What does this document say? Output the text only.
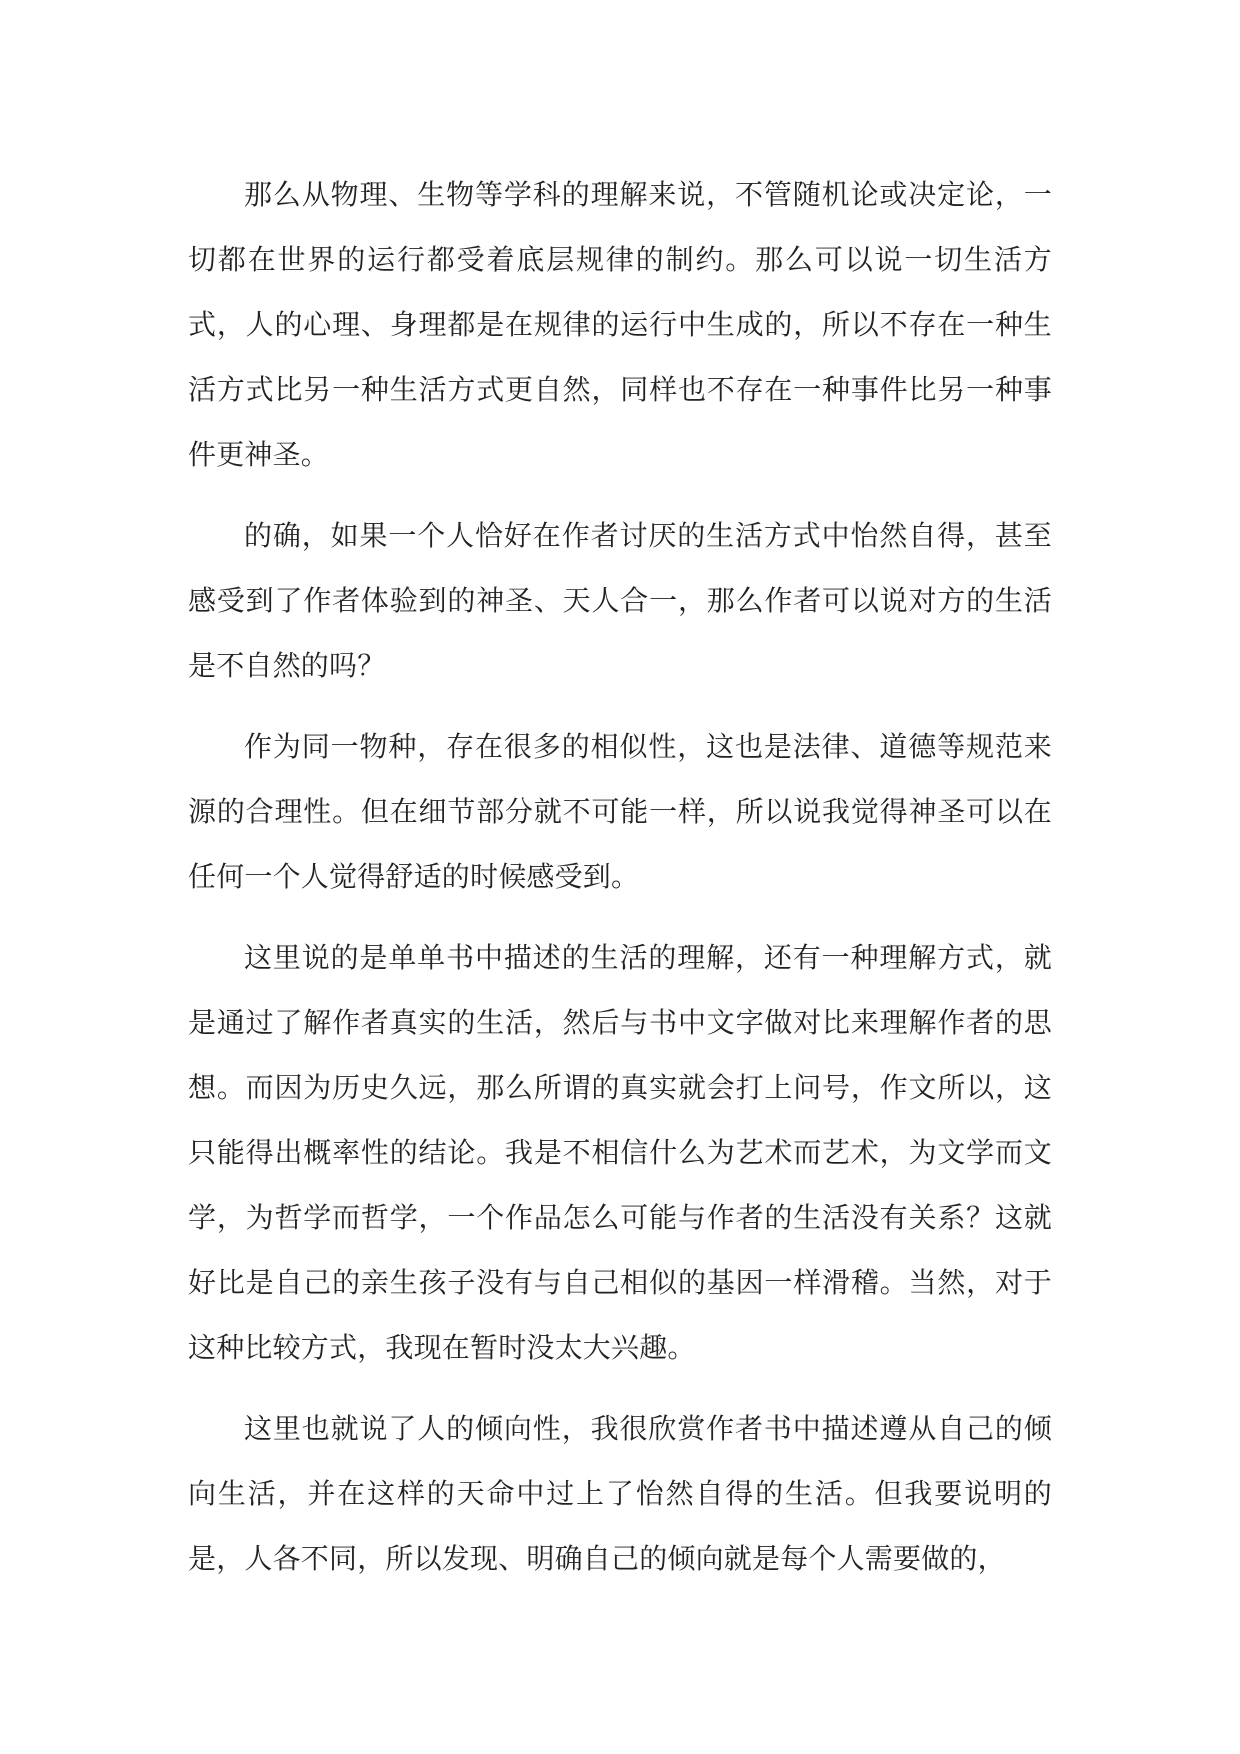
那么从物理、生物等学科的理解来说，不管随机论或决定论，一切都在世界的运行都受着底层规律的制约。那么可以说一切生活方式，人的心理、身理都是在规律的运行中生成的，所以不存在一种生活方式比另一种生活方式更自然，同样也不存在一种事件比另一种事件更神圣。

的确，如果一个人恰好在作者讨厌的生活方式中怡然自得，甚至感受到了作者体验到的神圣、天人合一，那么作者可以说对方的生活是不自然的吗？

作为同一物种，存在很多的相似性，这也是法律、道德等规范来源的合理性。但在细节部分就不可能一样，所以说我觉得神圣可以在任何一个人觉得舒适的时候感受到。

这里说的是单单书中描述的生活的理解，还有一种理解方式，就是通过了解作者真实的生活，然后与书中文字做对比来理解作者的思想。而因为历史久远，那么所谓的真实就会打上问号，作文所以，这只能得出概率性的结论。我是不相信什么为艺术而艺术，为文学而文学，为哲学而哲学，一个作品怎么可能与作者的生活没有关系？这就好比是自己的亲生孩子没有与自己相似的基因一样滑稽。当然，对于这种比较方式，我现在暂时没太大兴趣。

这里也就说了人的倾向性，我很欣赏作者书中描述遵从自己的倾向生活，并在这样的天命中过上了怡然自得的生活。但我要说明的是，人各不同，所以发现、明确自己的倾向就是每个人需要做的，
